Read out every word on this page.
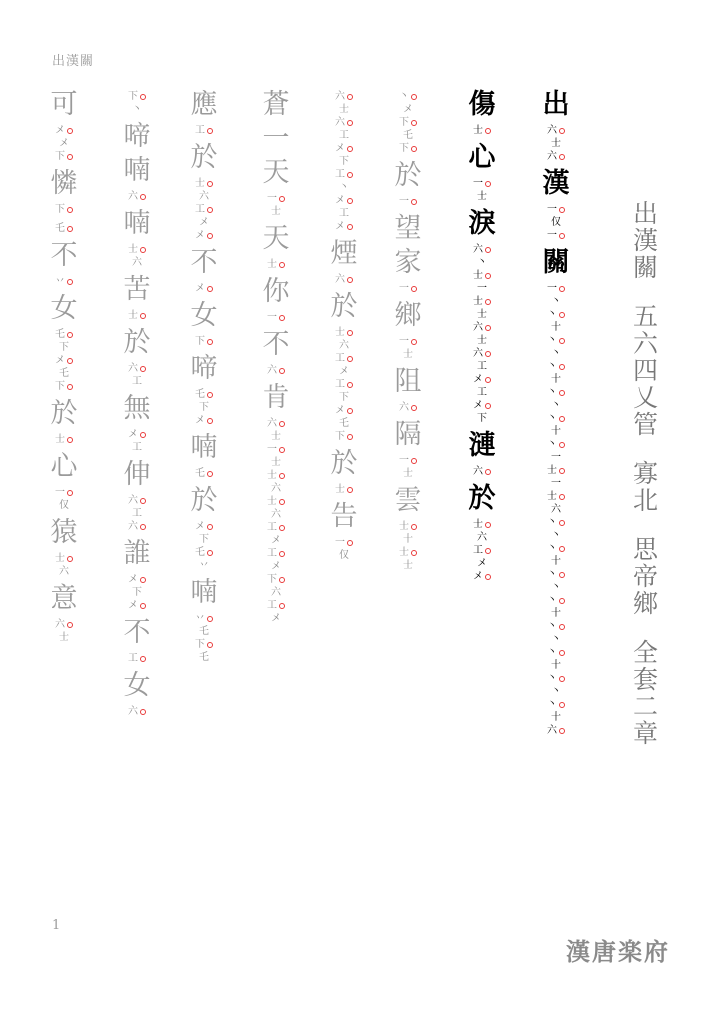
出漢關
出
六
士
六
漢
一
仅
一
關
一
丶
丶
十
丶
丶
丶
十
丶
丶
丶
十
丶
一
士
一
士
六
丶
丶
丶
十
丶
丶
丶
十
丶
丶
丶
十
丶
丶
丶
十
六
傷
士
心
一
士
淚
六
丶
士
一
士
士
六
士
六
工
メ
工
メ
下
漣
六
於
士
六
工
メ
メ
丶
メ
下
乇
下
於
一
望
家
一
鄉
一
士
阻
六
隔
一
士
雲
士
十
士
士
六
士
六
工
メ
下
工
丶
メ
工
メ
煙
六
於
士
六
工
メ
工
下
メ
乇
下
於
士
告
一
仅
蒼
一
天
一
士
天
士
你
一
不
六
肯
六
士
一
士
士
六
士
六
工
メ
工
メ
下
六
工
メ
應
工
於
士
六
工
メ
メ
不
メ
女
下
啼
乇
下
メ
喃
乇
於
メ
下
乇
丷
喃
丷
乇
下
乇
下
丶
啼
喃
六
喃
士
六
苦
士
於
六
工
無
メ
工
伸
六
工
六
誰
メ
下
メ
不
工
女
六
可
メ
メ
下
憐
下
乇
不
丷
女
乇
下
メ
乇
下
於
士
心
一
仅
猿
士
六
意
六
士
出漢關
五六四乂管
寡北
思帝鄉
全套二章
漢唐楽府
1
